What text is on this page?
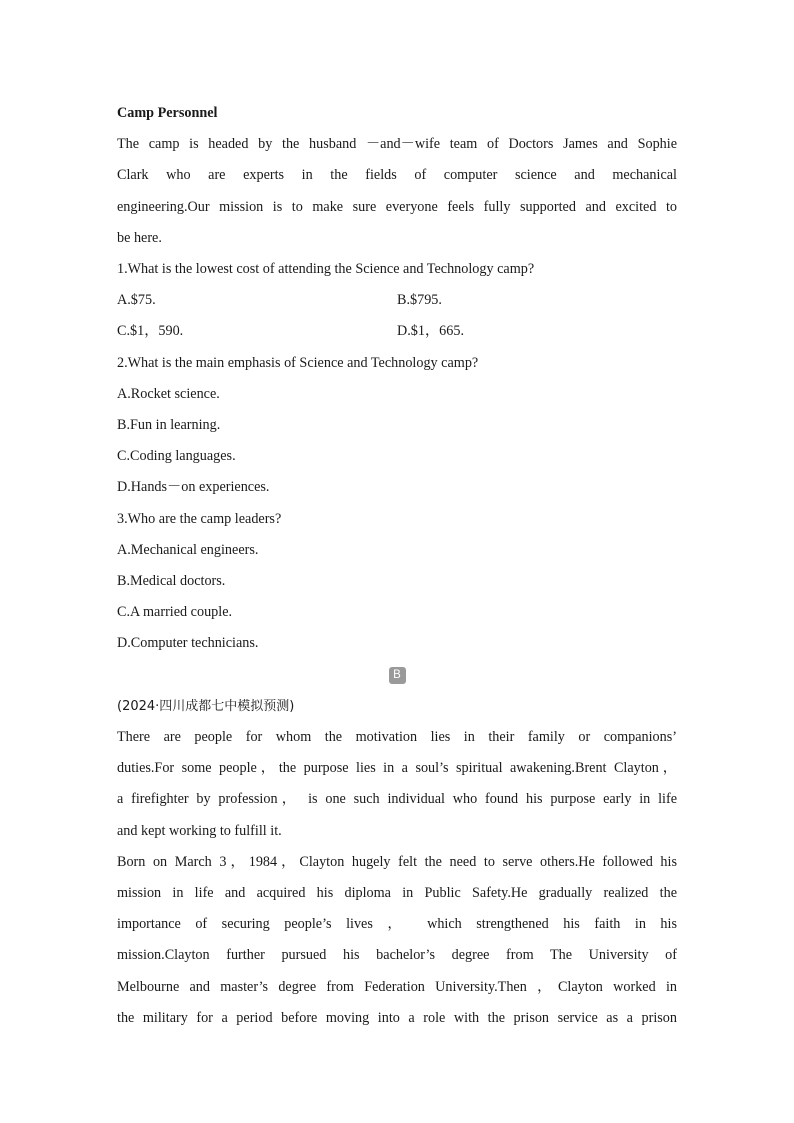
Camp Personnel
The camp is headed by the husband －and－wife team of Doctors James and Sophie
Clark who are experts in the fields of computer science and mechanical
engineering.Our mission is to make sure everyone feels fully supported and excited to
be here.
1.What is the lowest cost of attending the Science and Technology camp?
A.$75.	B.$795.
C.$1，590.	D.$1，665.
2.What is the main emphasis of Science and Technology camp?
A.Rocket science.
B.Fun in learning.
C.Coding languages.
D.Hands－on experiences.
3.Who are the camp leaders?
A.Mechanical engineers.
B.Medical doctors.
C.A married couple.
D.Computer technicians.
B
(2024·四川成都七中模拟预测)
There are people for whom the motivation lies in their family or companions’
duties.For some people，the purpose lies in a soul’s spiritual awakening.Brent Clayton，
a firefighter by profession， is one such individual who found his purpose early in life
and kept working to fulfill it.
Born on March 3，1984，Clayton hugely felt the need to serve others.He followed his
mission in life and acquired his diploma in Public Safety.He gradually realized the
importance of securing people’s lives ， which strengthened his faith in his
mission.Clayton further pursued his bachelor’s degree from The University of
Melbourne and master’s degree from Federation University.Then ，Clayton worked in
the military for a period before moving into a role with the prison service as a prison
